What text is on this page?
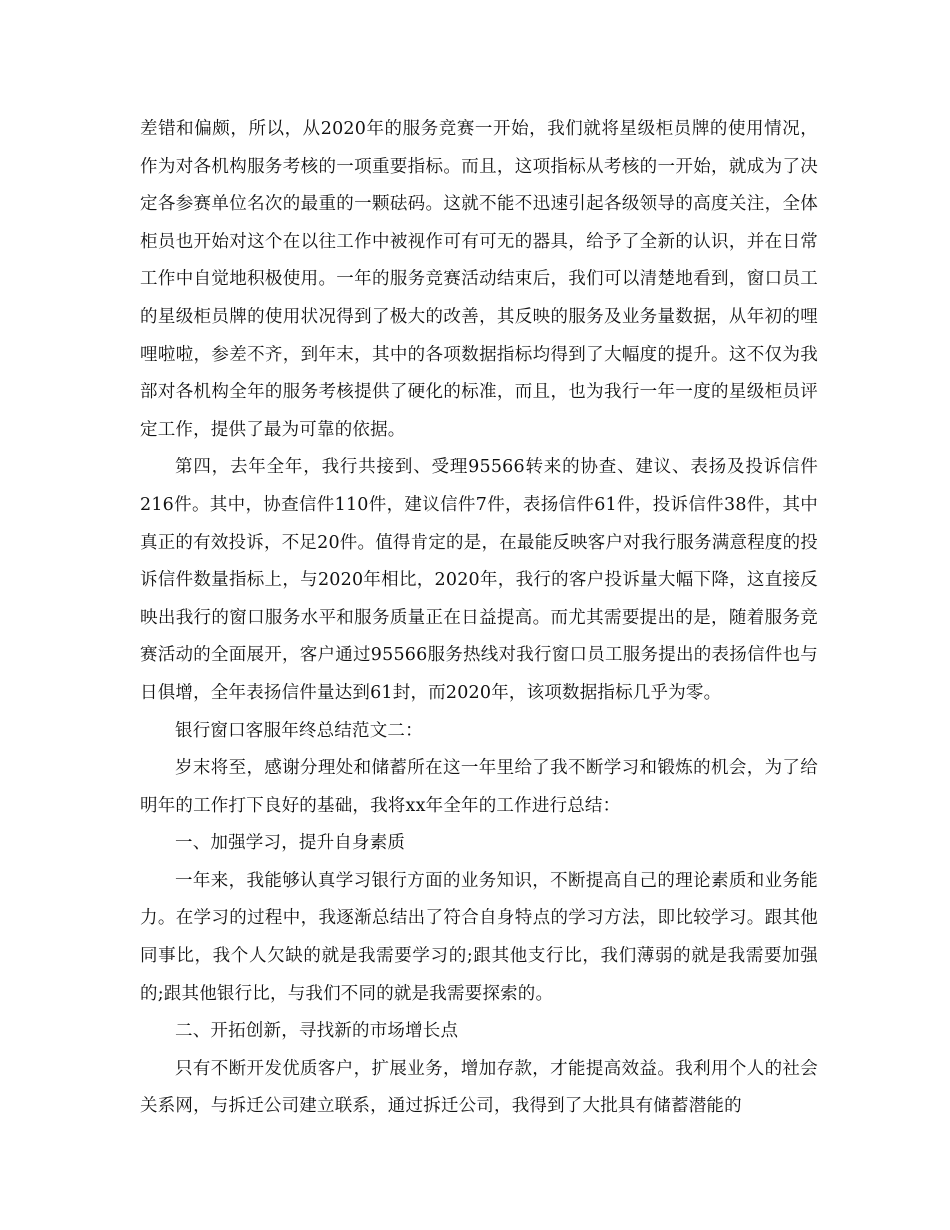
差错和偏颇，所以，从2020年的服务竞赛一开始，我们就将星级柜员牌的使用情况，作为对各机构服务考核的一项重要指标。而且，这项指标从考核的一开始，就成为了决定各参赛单位名次的最重的一颗砝码。这就不能不迅速引起各级领导的高度关注，全体柜员也开始对这个在以往工作中被视作可有可无的器具，给予了全新的认识，并在日常工作中自觉地积极使用。一年的服务竞赛活动结束后，我们可以清楚地看到，窗口员工的星级柜员牌的使用状况得到了极大的改善，其反映的服务及业务量数据，从年初的哩哩啦啦，参差不齐，到年末，其中的各项数据指标均得到了大幅度的提升。这不仅为我部对各机构全年的服务考核提供了硬化的标准，而且，也为我行一年一度的星级柜员评定工作，提供了最为可靠的依据。

第四，去年全年，我行共接到、受理95566转来的协查、建议、表扬及投诉信件216件。其中，协查信件110件，建议信件7件，表扬信件61件，投诉信件38件，其中真正的有效投诉，不足20件。值得肯定的是，在最能反映客户对我行服务满意程度的投诉信件数量指标上，与2020年相比，2020年，我行的客户投诉量大幅下降，这直接反映出我行的窗口服务水平和服务质量正在日益提高。而尤其需要提出的是，随着服务竞赛活动的全面展开，客户通过95566服务热线对我行窗口员工服务提出的表扬信件也与日俱增，全年表扬信件量达到61封，而2020年，该项数据指标几乎为零。

银行窗口客服年终总结范文二：

岁末将至，感谢分理处和储蓄所在这一年里给了我不断学习和锻炼的机会，为了给明年的工作打下良好的基础，我将xx年全年的工作进行总结：

一、加强学习，提升自身素质

一年来，我能够认真学习银行方面的业务知识，不断提高自己的理论素质和业务能力。在学习的过程中，我逐渐总结出了符合自身特点的学习方法，即比较学习。跟其他同事比，我个人欠缺的就是我需要学习的;跟其他支行比，我们薄弱的就是我需要加强的;跟其他银行比，与我们不同的就是我需要探索的。

二、开拓创新，寻找新的市场增长点

只有不断开发优质客户，扩展业务，增加存款，才能提高效益。我利用个人的社会关系网，与拆迁公司建立联系，通过拆迁公司，我得到了大批具有储蓄潜能的
